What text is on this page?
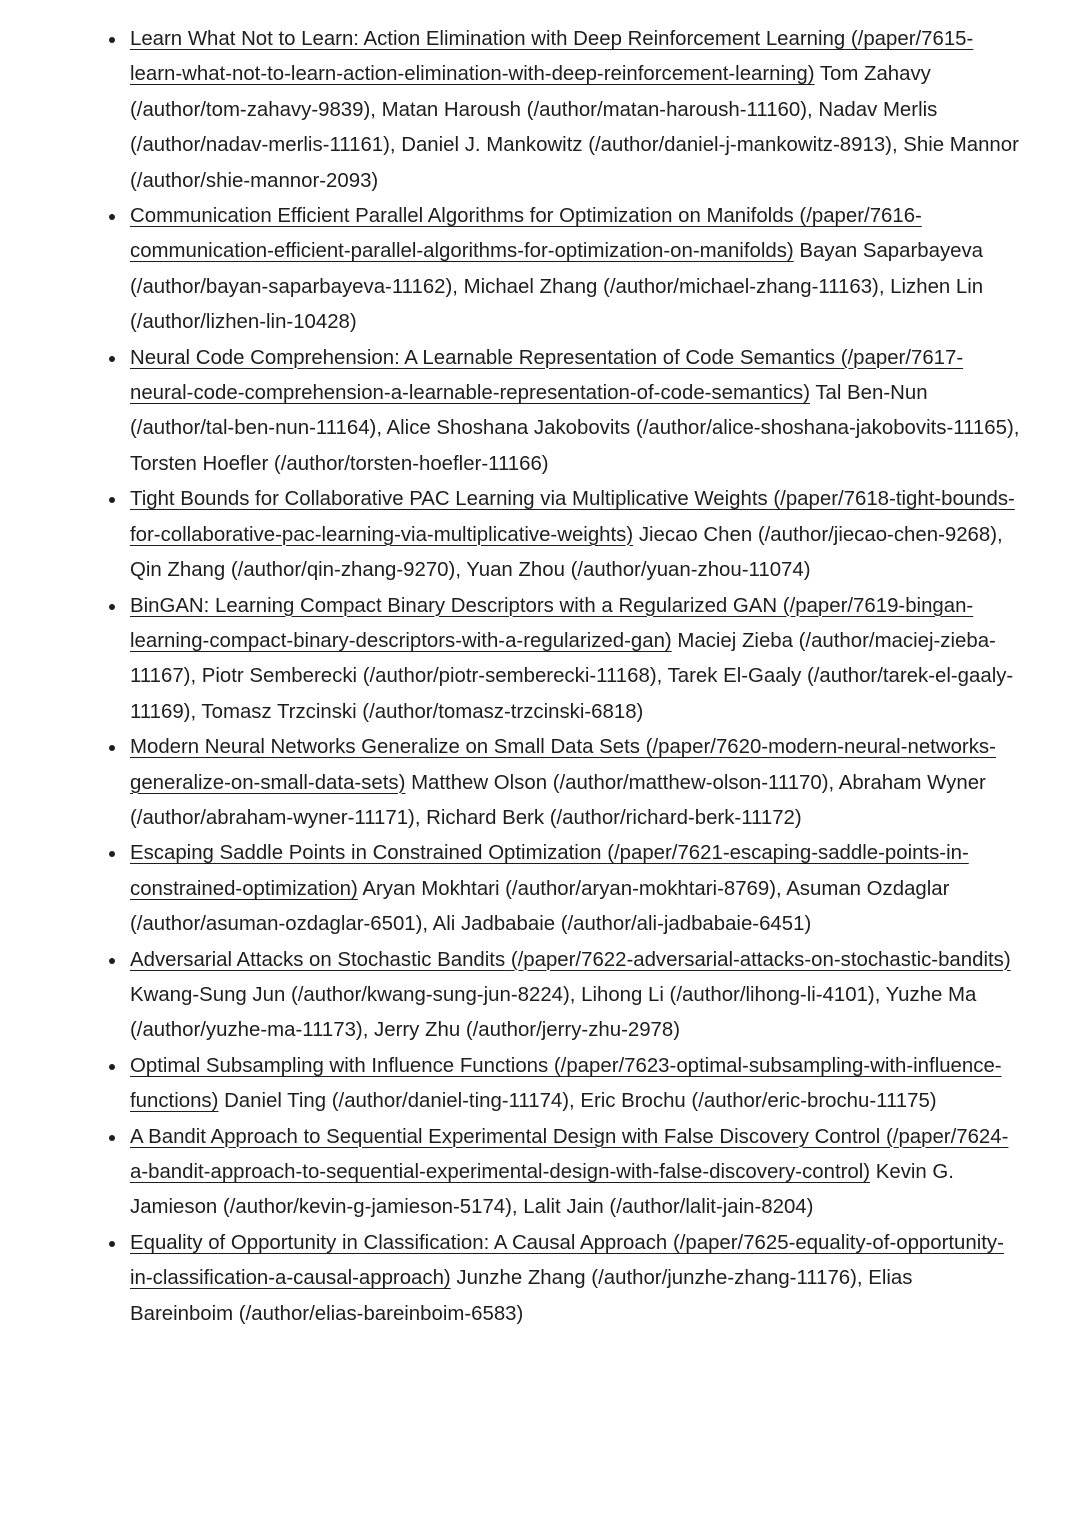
Learn What Not to Learn: Action Elimination with Deep Reinforcement Learning (/paper/7615-learn-what-not-to-learn-action-elimination-with-deep-reinforcement-learning) Tom Zahavy (/author/tom-zahavy-9839), Matan Haroush (/author/matan-haroush-11160), Nadav Merlis (/author/nadav-merlis-11161), Daniel J. Mankowitz (/author/daniel-j-mankowitz-8913), Shie Mannor (/author/shie-mannor-2093)
Communication Efficient Parallel Algorithms for Optimization on Manifolds (/paper/7616-communication-efficient-parallel-algorithms-for-optimization-on-manifolds) Bayan Saparbayeva (/author/bayan-saparbayeva-11162), Michael Zhang (/author/michael-zhang-11163), Lizhen Lin (/author/lizhen-lin-10428)
Neural Code Comprehension: A Learnable Representation of Code Semantics (/paper/7617-neural-code-comprehension-a-learnable-representation-of-code-semantics) Tal Ben-Nun (/author/tal-ben-nun-11164), Alice Shoshana Jakobovits (/author/alice-shoshana-jakobovits-11165), Torsten Hoefler (/author/torsten-hoefler-11166)
Tight Bounds for Collaborative PAC Learning via Multiplicative Weights (/paper/7618-tight-bounds-for-collaborative-pac-learning-via-multiplicative-weights) Jiecao Chen (/author/jiecao-chen-9268), Qin Zhang (/author/qin-zhang-9270), Yuan Zhou (/author/yuan-zhou-11074)
BinGAN: Learning Compact Binary Descriptors with a Regularized GAN (/paper/7619-bingan-learning-compact-binary-descriptors-with-a-regularized-gan) Maciej Zieba (/author/maciej-zieba-11167), Piotr Semberecki (/author/piotr-semberecki-11168), Tarek El-Gaaly (/author/tarek-el-gaaly-11169), Tomasz Trzcinski (/author/tomasz-trzcinski-6818)
Modern Neural Networks Generalize on Small Data Sets (/paper/7620-modern-neural-networks-generalize-on-small-data-sets) Matthew Olson (/author/matthew-olson-11170), Abraham Wyner (/author/abraham-wyner-11171), Richard Berk (/author/richard-berk-11172)
Escaping Saddle Points in Constrained Optimization (/paper/7621-escaping-saddle-points-in-constrained-optimization) Aryan Mokhtari (/author/aryan-mokhtari-8769), Asuman Ozdaglar (/author/asuman-ozdaglar-6501), Ali Jadbabaie (/author/ali-jadbabaie-6451)
Adversarial Attacks on Stochastic Bandits (/paper/7622-adversarial-attacks-on-stochastic-bandits) Kwang-Sung Jun (/author/kwang-sung-jun-8224), Lihong Li (/author/lihong-li-4101), Yuzhe Ma (/author/yuzhe-ma-11173), Jerry Zhu (/author/jerry-zhu-2978)
Optimal Subsampling with Influence Functions (/paper/7623-optimal-subsampling-with-influence-functions) Daniel Ting (/author/daniel-ting-11174), Eric Brochu (/author/eric-brochu-11175)
A Bandit Approach to Sequential Experimental Design with False Discovery Control (/paper/7624-a-bandit-approach-to-sequential-experimental-design-with-false-discovery-control) Kevin G. Jamieson (/author/kevin-g-jamieson-5174), Lalit Jain (/author/lalit-jain-8204)
Equality of Opportunity in Classification: A Causal Approach (/paper/7625-equality-of-opportunity-in-classification-a-causal-approach) Junzhe Zhang (/author/junzhe-zhang-11176), Elias Bareinboim (/author/elias-bareinboim-6583)
